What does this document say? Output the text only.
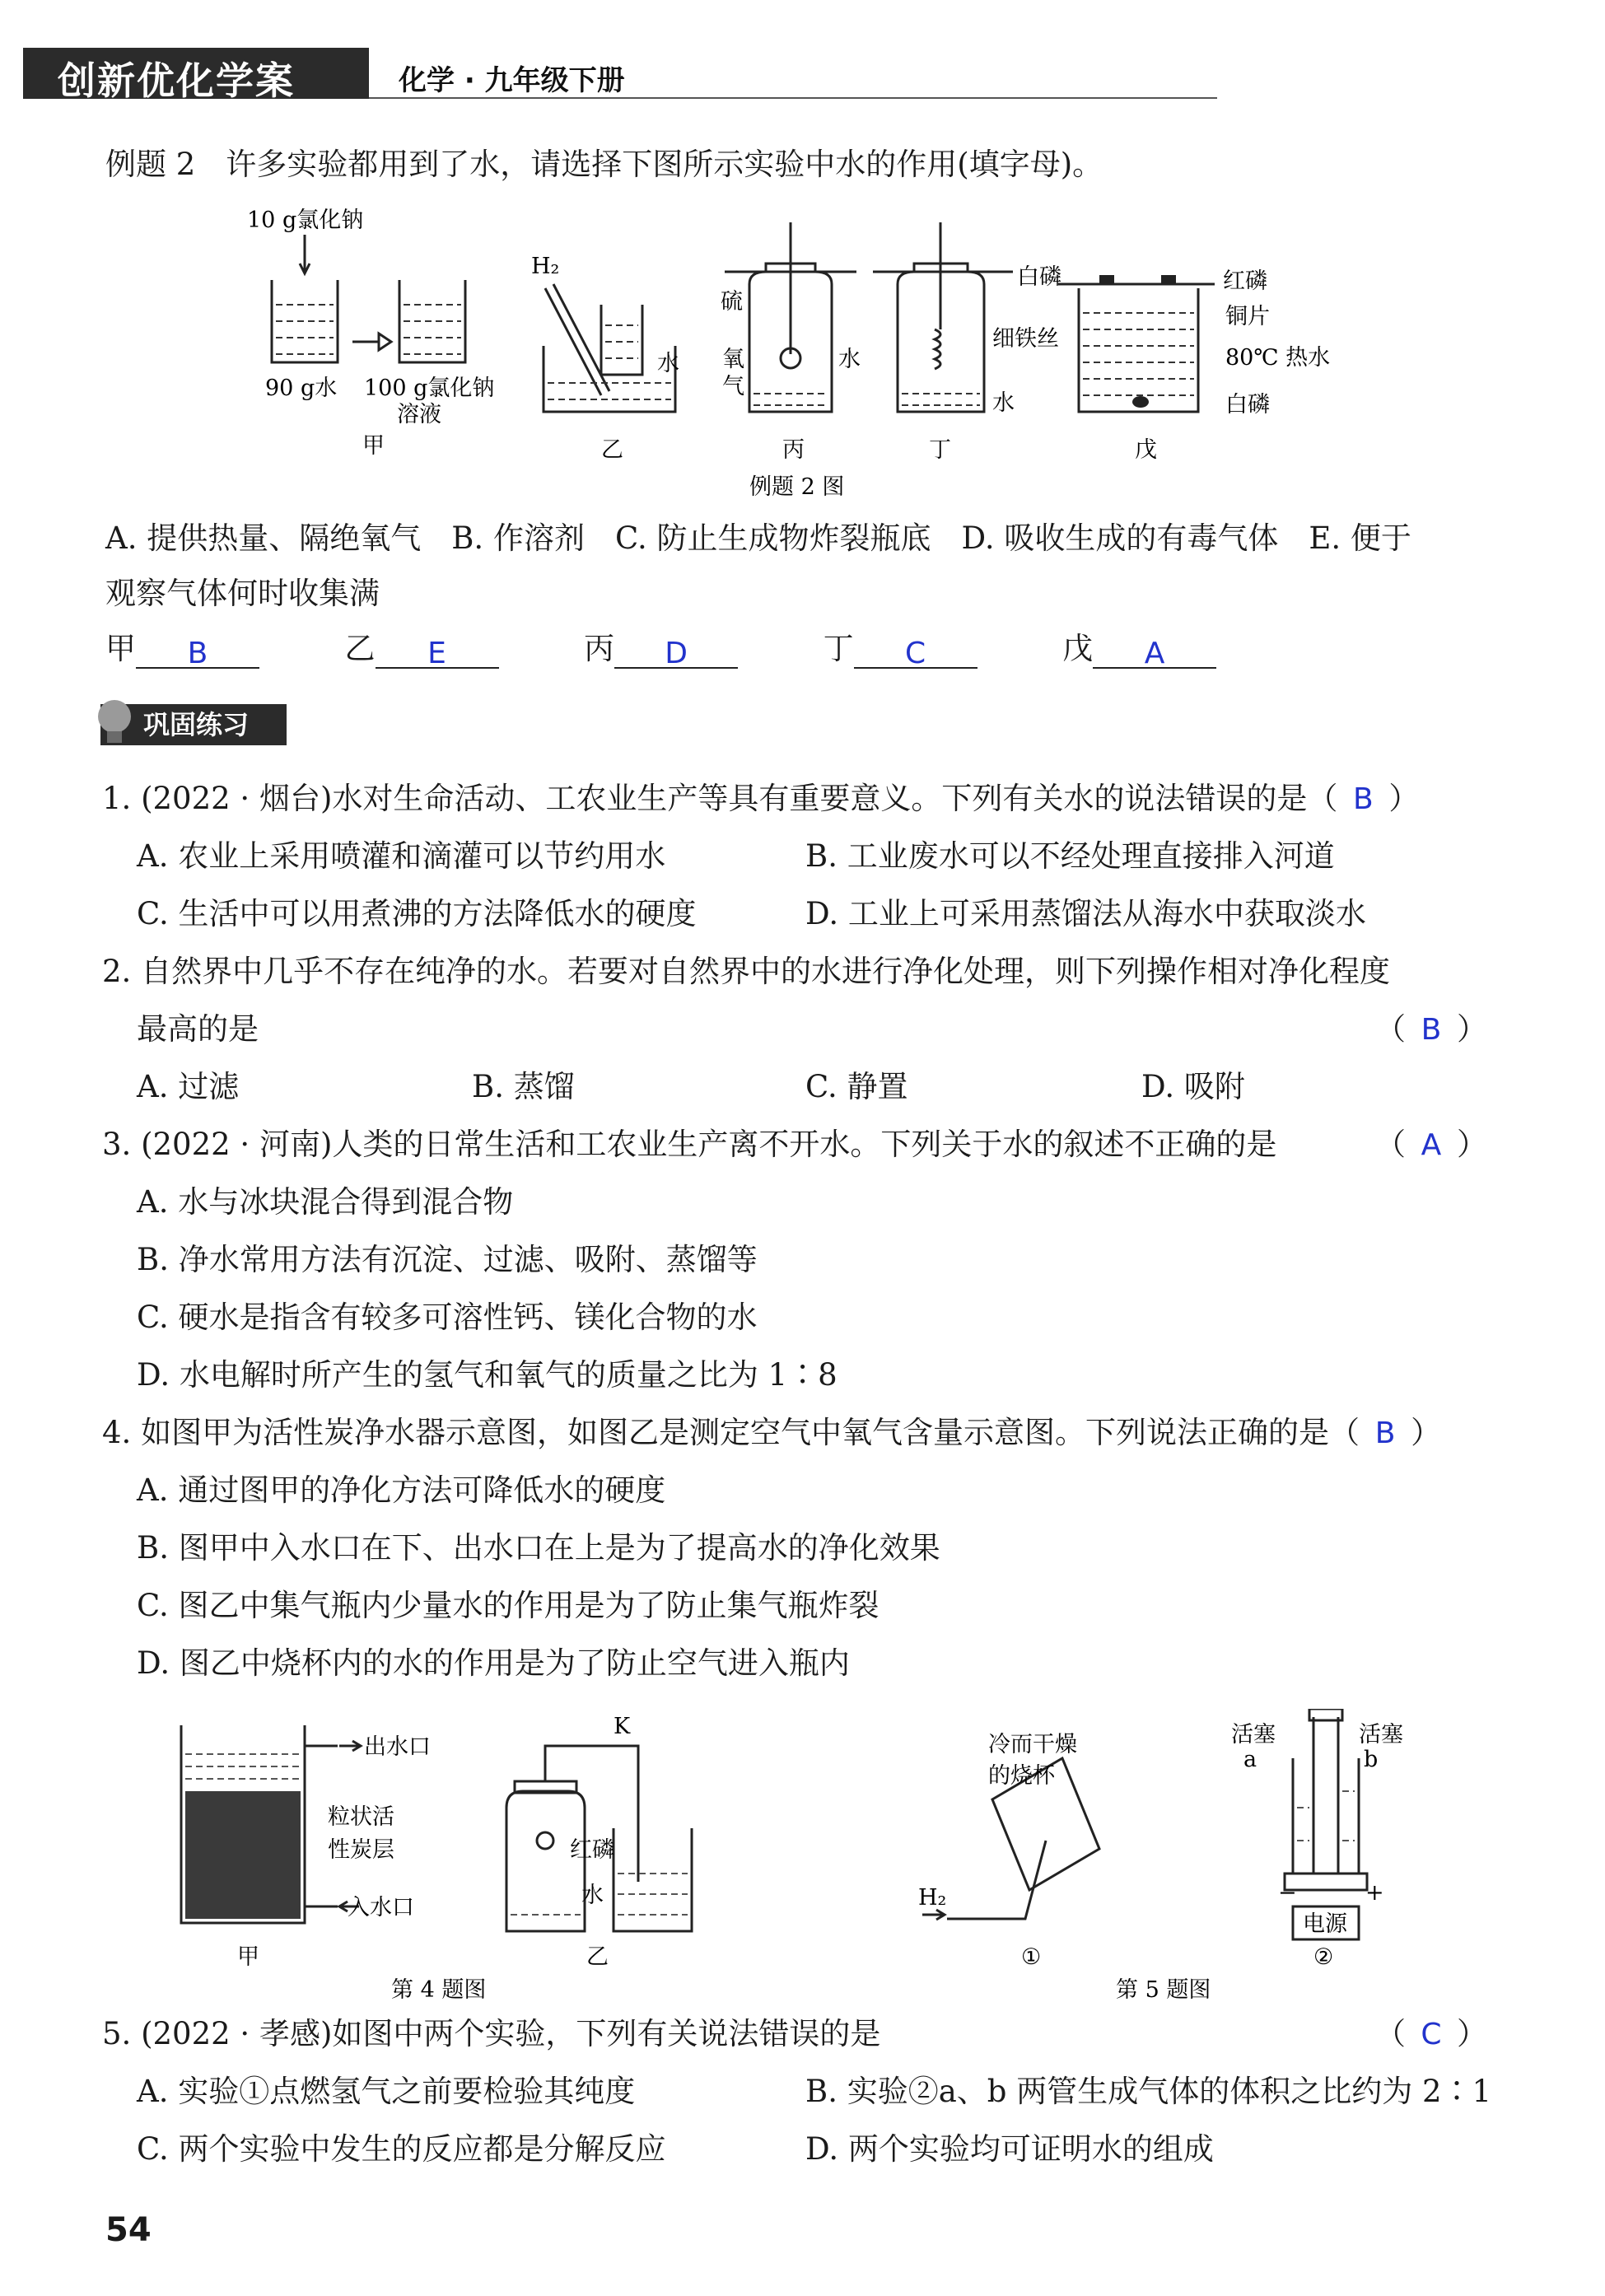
创新优化学案	化学 · 九年级下册
例题 2　许多实验都用到了水，请选择下图所示实验中水的作用(填字母)。
10 g氯化钠
90 g水 100 g氯化钠
溶液
甲
H₂
水
乙
硫
氧
气
水
丙
细铁丝
水
丁
白磷	红磷
铜片
80℃ 热水
白磷
戊
例题 2 图
A. 提供热量、隔绝氧气　B. 作溶剂　C. 防止生成物炸裂瓶底　D. 吸收生成的有毒气体　E. 便于
观察气体何时收集满
甲 B	乙 E	丙 D	丁 C	戊 A
巩固练习
1. (2022 · 烟台)水对生命活动、工农业生产等具有重要意义。下列有关水的说法错误的是（ B ）
A. 农业上采用喷灌和滴灌可以节约用水	B. 工业废水可以不经处理直接排入河道
C. 生活中可以用煮沸的方法降低水的硬度	D. 工业上可采用蒸馏法从海水中获取淡水
2. 自然界中几乎不存在纯净的水。若要对自然界中的水进行净化处理，则下列操作相对净化程度
最高的是	（ B ）
A. 过滤	B. 蒸馏	C. 静置	D. 吸附
3. (2022 · 河南)人类的日常生活和工农业生产离不开水。下列关于水的叙述不正确的是	（ A ）
A. 水与冰块混合得到混合物
B. 净水常用方法有沉淀、过滤、吸附、蒸馏等
C. 硬水是指含有较多可溶性钙、镁化合物的水
D. 水电解时所产生的氢气和氧气的质量之比为 1∶8
4. 如图甲为活性炭净水器示意图，如图乙是测定空气中氧气含量示意图。下列说法正确的是（ B ）
A. 通过图甲的净化方法可降低水的硬度
B. 图甲中入水口在下、出水口在上是为了提高水的净化效果
C. 图乙中集气瓶内少量水的作用是为了防止集气瓶炸裂
D. 图乙中烧杯内的水的作用是为了防止空气进入瓶内
出水口
粒状活
性炭层
入水口
甲
K
红磷
水
乙
第 4 题图
冷而干燥
的烧杯
H₂
①
活塞
a
活塞
b
−	+
电源
②
第 5 题图
5. (2022 · 孝感)如图中两个实验，下列有关说法错误的是	（ C ）
A. 实验①点燃氢气之前要检验其纯度	B. 实验②a、b 两管生成气体的体积之比约为 2∶1
C. 两个实验中发生的反应都是分解反应	D. 两个实验均可证明水的组成
54
